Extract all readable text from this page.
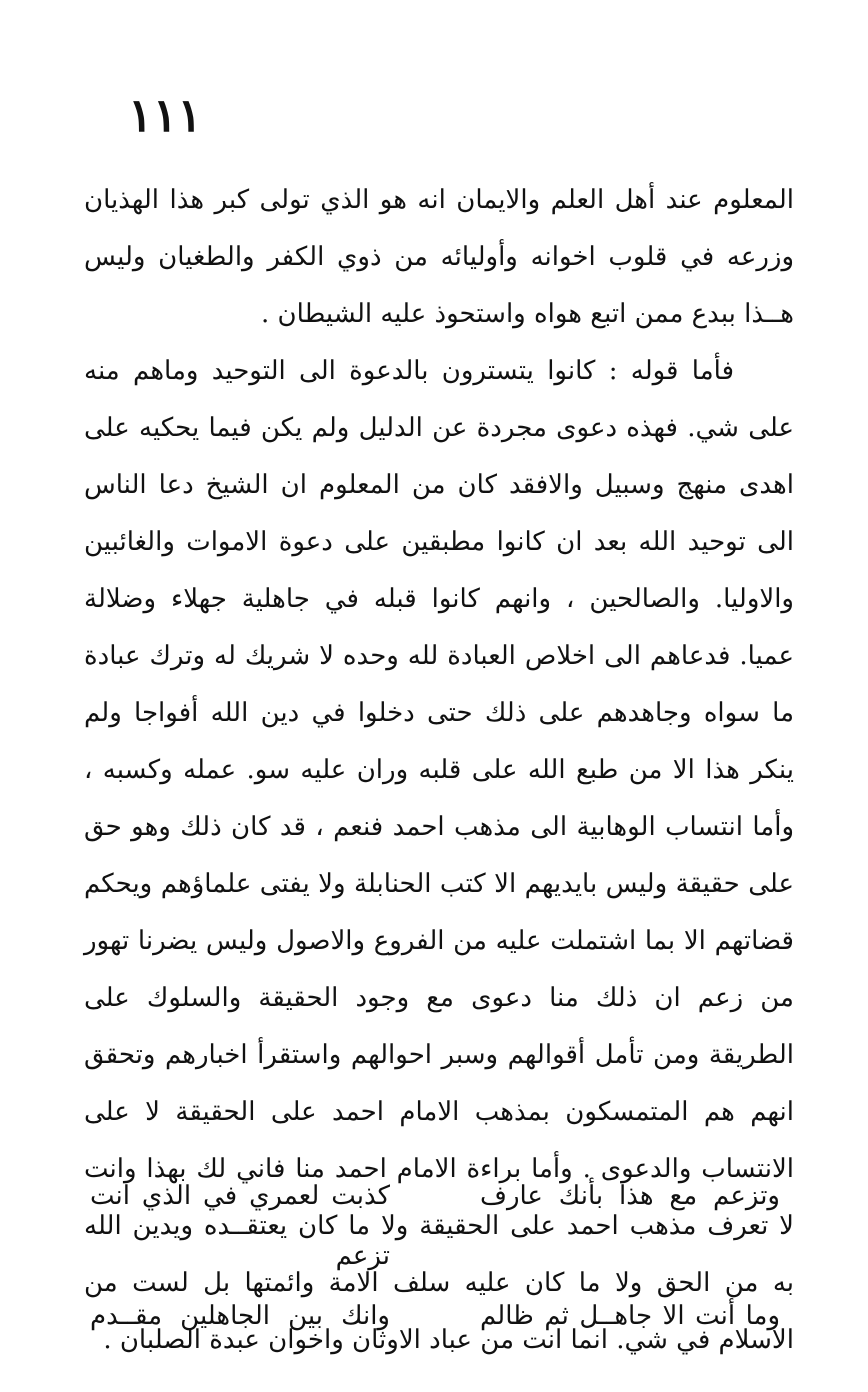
١١١

المعلوم عند أهل العلم والايمان انه هو الذي تولى كبر هذا الهذيان وزرعه في قلوب اخوانه وأوليائه من ذوي الكفر والطغيان وليس هــذا ببدع ممن اتبع هواه واستحوذ عليه الشيطان .

فأما قوله : كانوا يتسترون بالدعوة الى التوحيد وماهم منه على شي. فهذه دعوى مجردة عن الدليل ولم يكن فيما يحكيه على اهدى منهج وسبيل والافقد كان من المعلوم ان الشيخ دعا الناس الى توحيد الله بعد ان كانوا مطبقين على دعوة الاموات والغائبين والاوليا. والصالحين ، وانهم كانوا قبله في جاهلية جهلاء وضلالة عميا. فدعاهم الى اخلاص العبادة لله وحده لا شريك له وترك عبادة ما سواه وجاهدهم على ذلك حتى دخلوا في دين الله أفواجا ولم ينكر هذا الا من طبع الله على قلبه وران عليه سو. عمله وكسبه ، وأما انتساب الوهابية الى مذهب احمد فنعم ، قد كان ذلك وهو حق على حقيقة وليس بايديهم الا كتب الحنابلة ولا يفتى علماؤهم ويحكم قضاتهم الا بما اشتملت عليه من الفروع والاصول وليس يضرنا تهور من زعم ان ذلك منا دعوى مع وجود الحقيقة والسلوك على الطريقة ومن تأمل أقوالهم وسبر احوالهم واستقرأ اخبارهم وتحقق انهم هم المتمسكون بمذهب الامام احمد على الحقيقة لا على الانتساب والدعوى . وأما براءة الامام احمد منا فاني لك بهذا وانت لا تعرف مذهب احمد على الحقيقة ولا ما كان يعتقــده ويدين الله به من الحق ولا ما كان عليه سلف الامة وائمتها بل لست من الاسلام في شي. انما انت من عباد الاوثان واخوان عبدة الصلبان .

وتزعم مع هذا بأنك عارف
كذبت لعمري في الذي انت تزعم
وما أنت الا جاهــل ثم ظالم
وانك بين الجاهلين مقــدم
